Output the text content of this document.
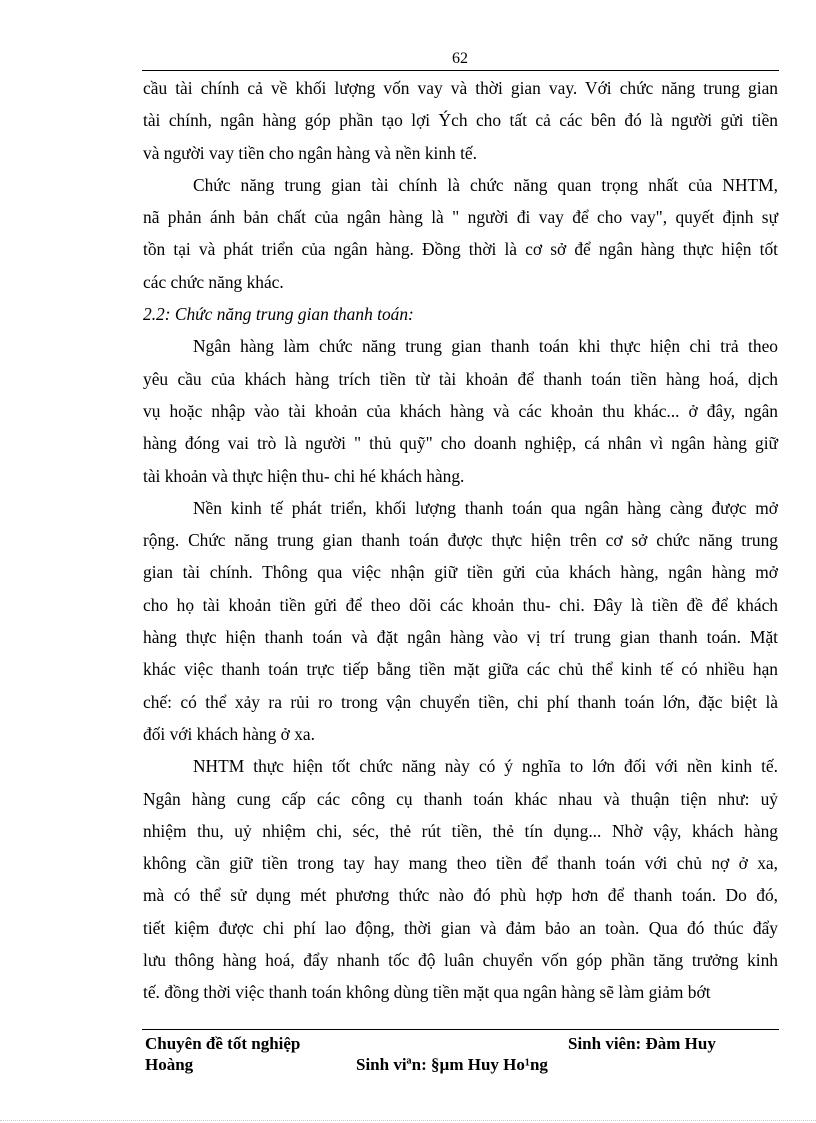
62
cầu tài chính cả về khối lượng vốn vay và thời gian vay. Với chức năng trung gian
tài chính, ngân hàng góp phần tạo lợi Ých cho tất cả các bên đó là người gửi tiền
và người vay tiền cho ngân hàng và nền kinh tế.
Chức năng trung gian tài chính là chức năng quan trọng nhất của NHTM,
nã phản ánh bản chất của ngân hàng là " người đi vay để cho vay", quyết định sự
tồn tại và phát triển của ngân hàng. Đồng thời là cơ sở để ngân hàng thực hiện tốt
các chức năng khác.
2.2: Chức năng trung gian thanh toán:
Ngân hàng làm chức năng trung gian thanh toán khi thực hiện chi trả theo
yêu cầu của khách hàng trích tiền từ tài khoản để thanh toán tiền hàng hoá, dịch
vụ hoặc nhập vào tài khoản của khách hàng và các khoản thu khác... ở đây, ngân
hàng đóng vai trò là người " thủ quỹ" cho doanh nghiệp, cá nhân vì ngân hàng giữ
tài khoản và thực hiện thu- chi hé khách hàng.
Nền kinh tế phát triển, khối lượng thanh toán qua ngân hàng càng được mở
rộng. Chức năng trung gian thanh toán được thực hiện trên cơ sở chức năng trung
gian tài chính. Thông qua việc nhận giữ tiền gửi của khách hàng, ngân hàng mở
cho họ tài khoản tiền gửi để theo dõi các khoản thu- chi. Đây là tiền đề để khách
hàng thực hiện thanh toán và đặt ngân hàng vào vị trí trung gian thanh toán. Mặt
khác việc thanh toán trực tiếp bằng tiền mặt giữa các chủ thể kinh tế có nhiều hạn
chế: có thể xảy ra rủi ro trong vận chuyển tiền, chi phí thanh toán lớn, đặc biệt là
đối với khách hàng ở xa.
NHTM thực hiện tốt chức năng này có ý nghĩa to lớn đối với nền kinh tế.
Ngân hàng cung cấp các công cụ thanh toán khác nhau và thuận tiện như: uỷ
nhiệm thu, uỷ nhiệm chi, séc, thẻ rút tiền, thẻ tín dụng... Nhờ vậy, khách hàng
không cần giữ tiền trong tay hay mang theo tiền để thanh toán với chủ nợ ở xa,
mà có thể sử dụng mét phương thức nào đó phù hợp hơn để thanh toán. Do đó,
tiết kiệm được chi phí lao động, thời gian và đảm bảo an toàn. Qua đó thúc đẩy
lưu thông hàng hoá, đẩy nhanh tốc độ luân chuyển vốn góp phần tăng trưởng kinh
tế. đồng thời việc thanh toán không dùng tiền mặt qua ngân hàng sẽ làm giảm bớt
Chuyên đề tốt nghiệp	Sinh viên: Đàm Huy
Hoàng	Sinh viªn: §µm Huy Ho¹ng
